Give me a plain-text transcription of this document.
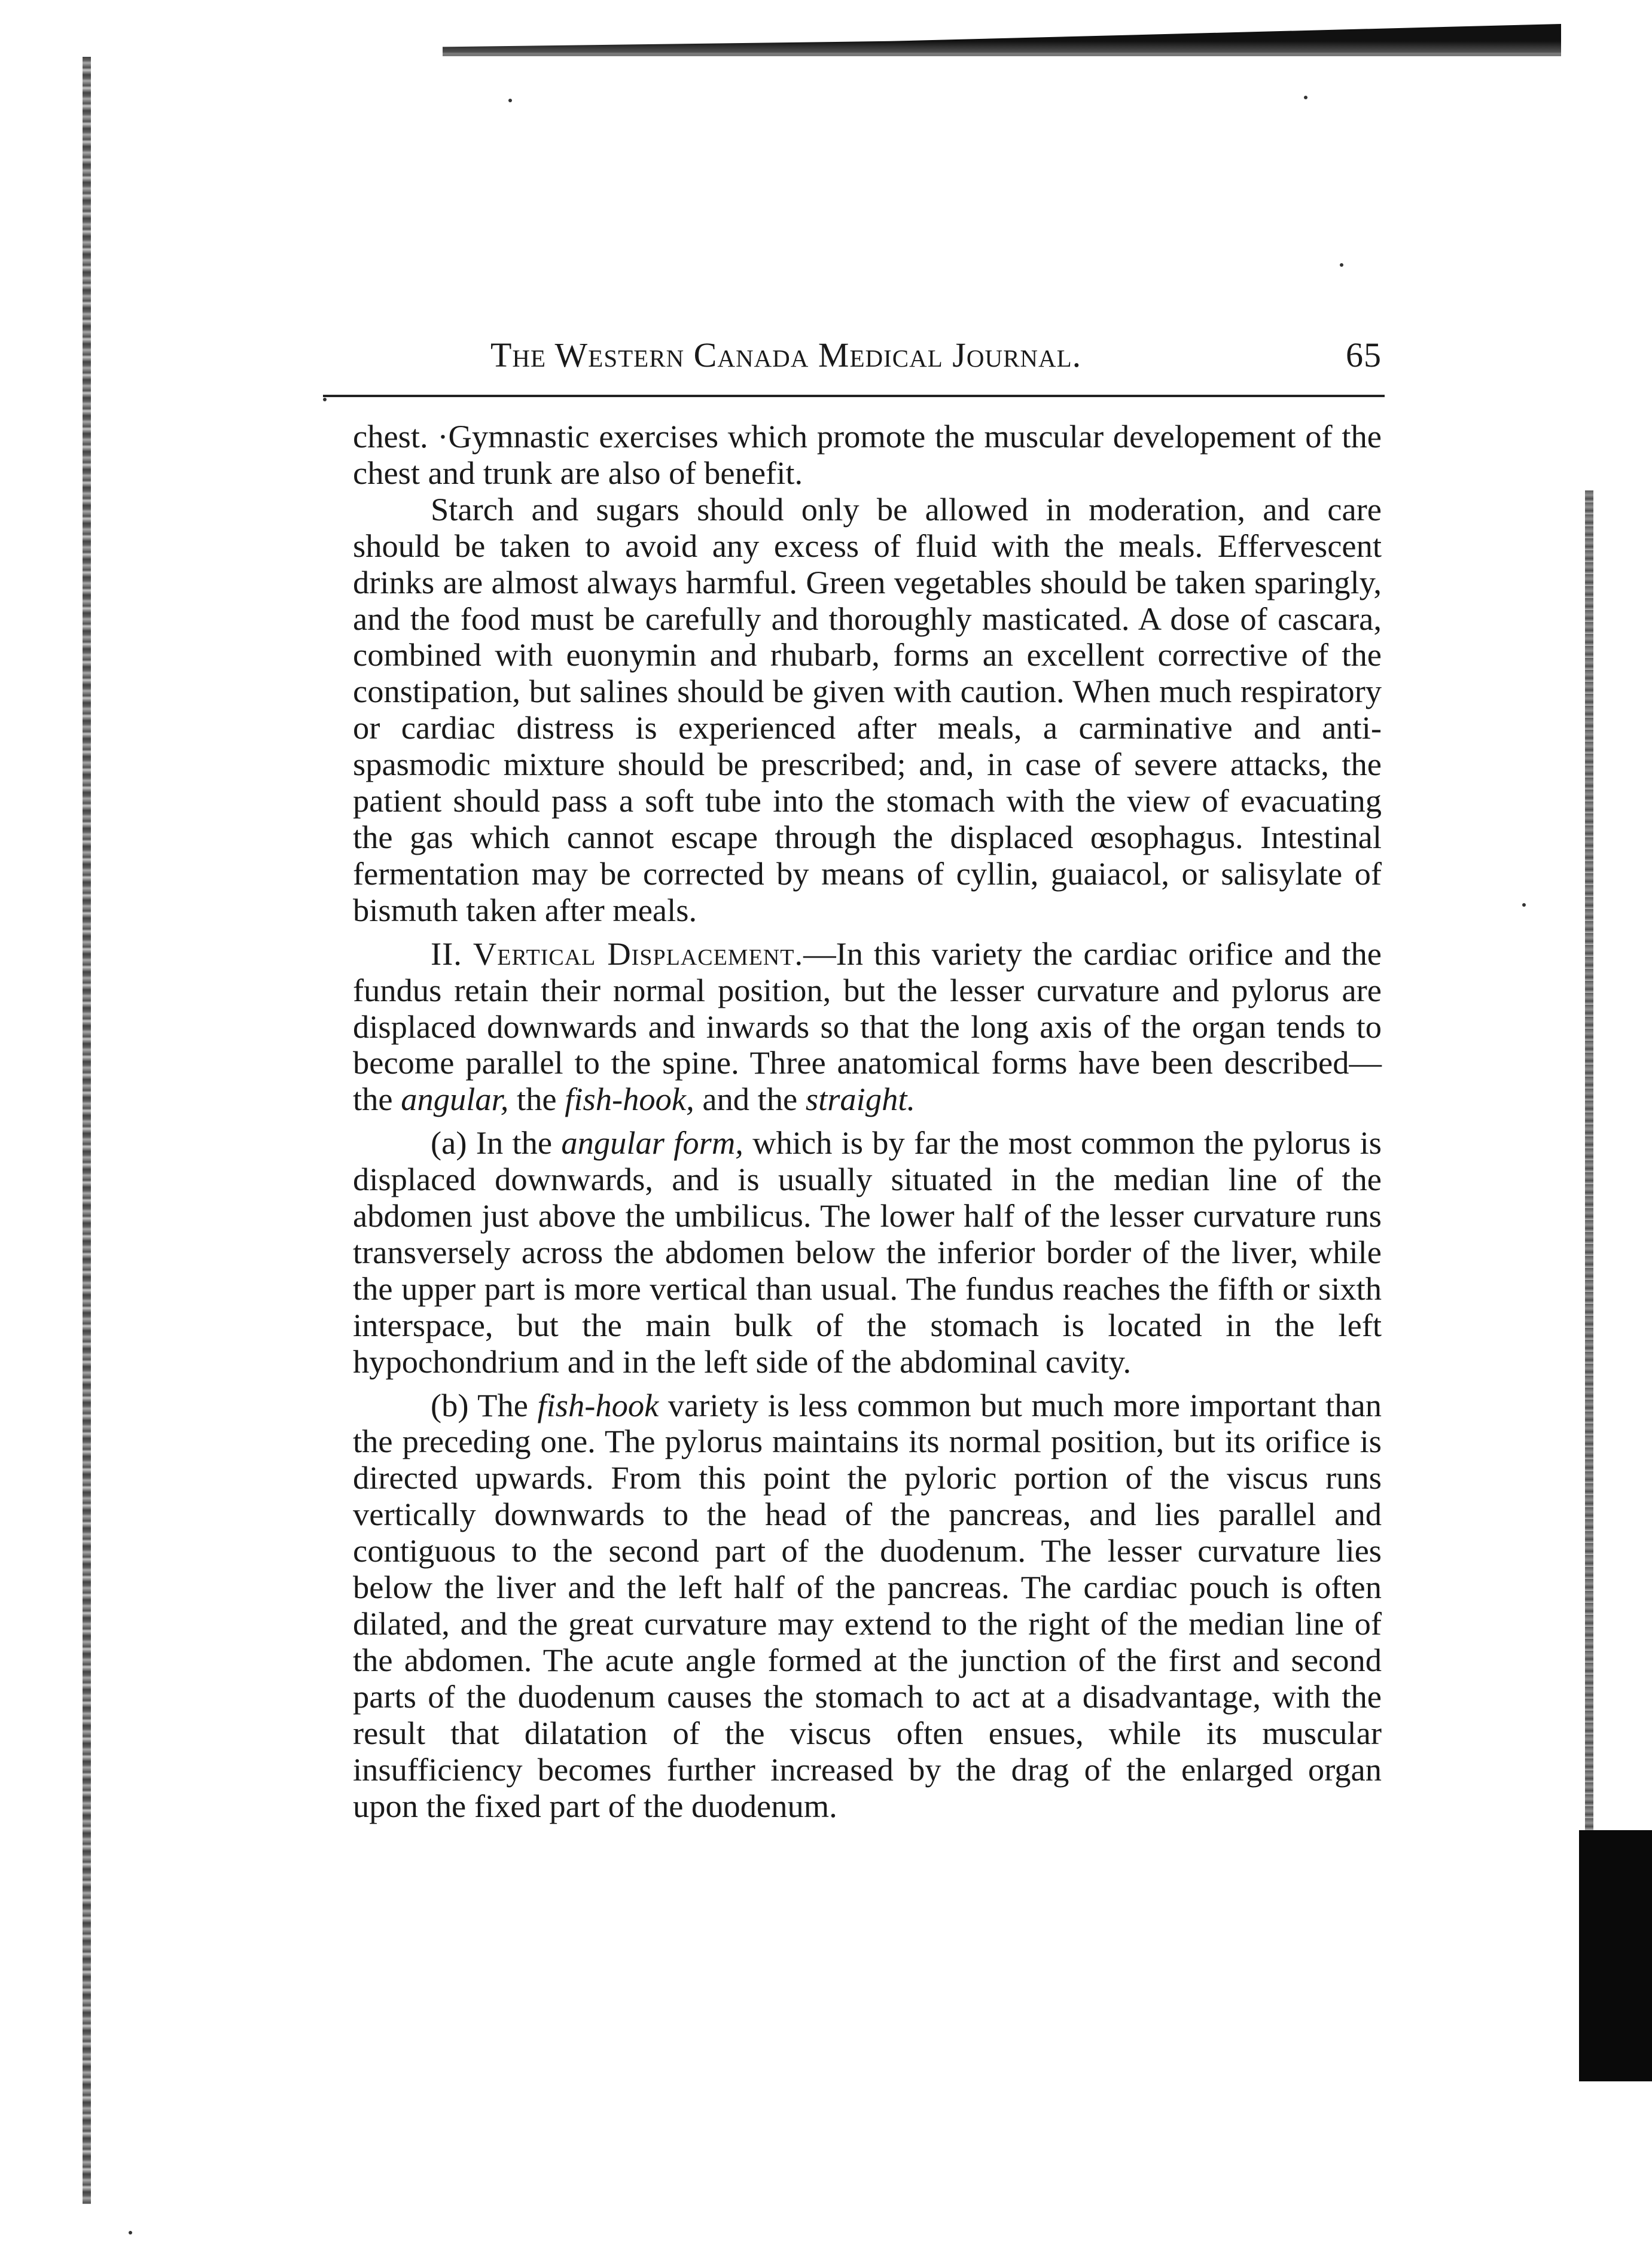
The Western Canada Medical Journal.	65

chest. ·Gymnastic exercises which promote the muscular developement of the chest and trunk are also of benefit.

Starch and sugars should only be allowed in moderation, and care should be taken to avoid any excess of fluid with the meals. Effervescent drinks are almost always harmful. Green vegetables should be taken sparingly, and the food must be carefully and thoroughly masticated. A dose of cascara, combined with euonymin and rhubarb, forms an excellent corrective of the constipation, but salines should be given with caution. When much respiratory or cardiac distress is experienced after meals, a carminative and anti-spasmodic mixture should be prescribed; and, in case of severe attacks, the patient should pass a soft tube into the stomach with the view of evacuating the gas which cannot escape through the displaced œsophagus. Intestinal fermentation may be corrected by means of cyllin, guaiacol, or salisylate of bismuth taken after meals.

II. Vertical Displacement.—In this variety the cardiac orifice and the fundus retain their normal position, but the lesser curvature and pylorus are displaced downwards and inwards so that the long axis of the organ tends to become parallel to the spine. Three anatomical forms have been described—the angular, the fish-hook, and the straight.

(a) In the angular form, which is by far the most common the pylorus is displaced downwards, and is usually situated in the median line of the abdomen just above the umbilicus. The lower half of the lesser curvature runs transversely across the abdomen below the inferior border of the liver, while the upper part is more vertical than usual. The fundus reaches the fifth or sixth interspace, but the main bulk of the stomach is located in the left hypochondrium and in the left side of the abdominal cavity.

(b) The fish-hook variety is less common but much more important than the preceding one. The pylorus maintains its normal position, but its orifice is directed upwards. From this point the pyloric portion of the viscus runs vertically downwards to the head of the pancreas, and lies parallel and contiguous to the second part of the duodenum. The lesser curvature lies below the liver and the left half of the pancreas. The cardiac pouch is often dilated, and the great curvature may extend to the right of the median line of the abdomen. The acute angle formed at the junction of the first and second parts of the duodenum causes the stomach to act at a disadvantage, with the result that dilatation of the viscus often ensues, while its muscular insufficiency becomes further increased by the drag of the enlarged organ upon the fixed part of the duodenum.
